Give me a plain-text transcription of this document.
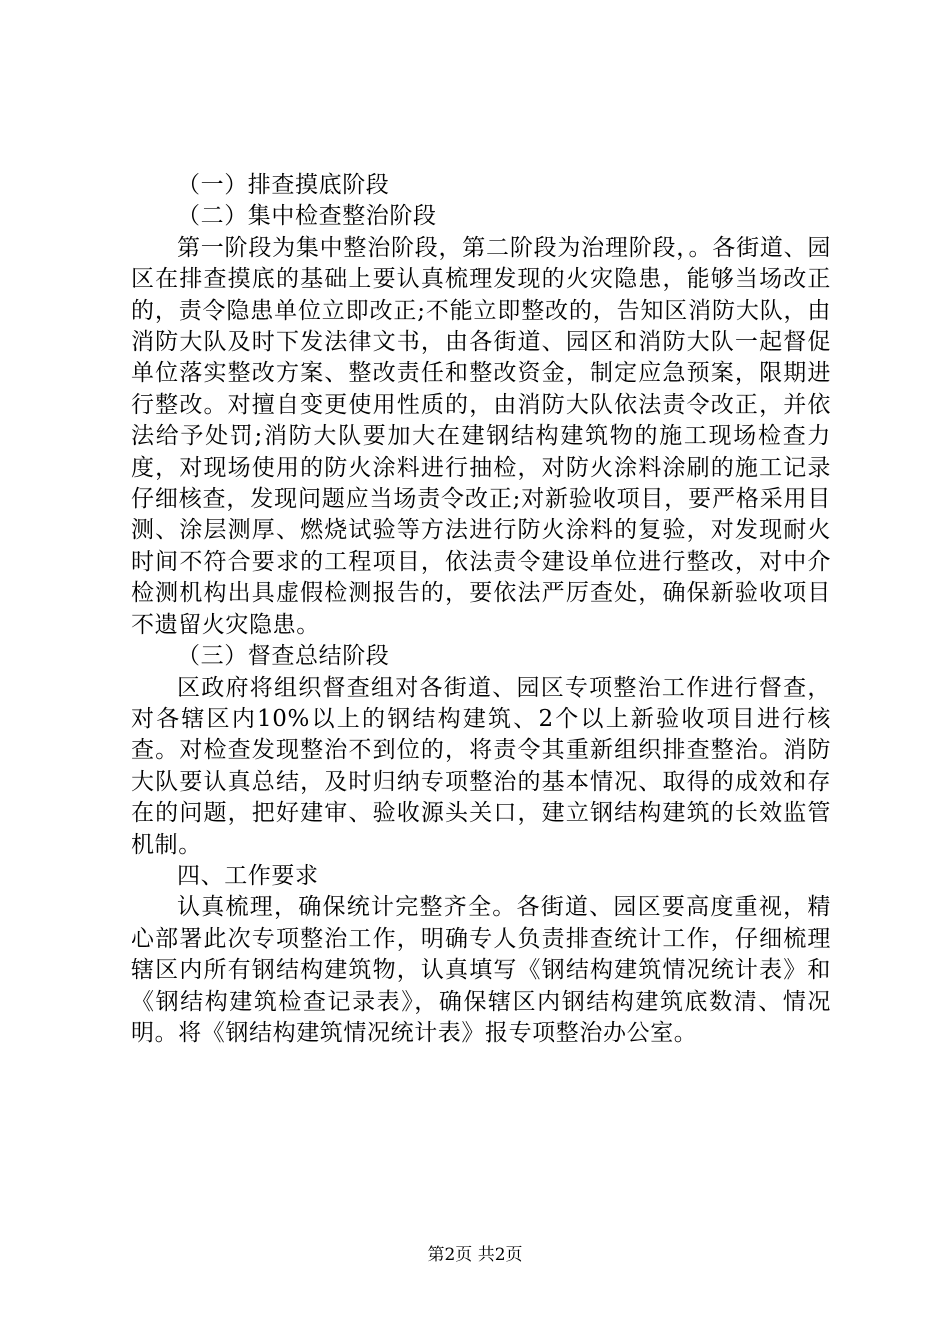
（一）排查摸底阶段

（二）集中检查整治阶段

第一阶段为集中整治阶段，第二阶段为治理阶段，。各街道、园区在排查摸底的基础上要认真梳理发现的火灾隐患，能够当场改正的，责令隐患单位立即改正;不能立即整改的，告知区消防大队，由消防大队及时下发法律文书，由各街道、园区和消防大队一起督促单位落实整改方案、整改责任和整改资金，制定应急预案，限期进行整改。对擅自变更使用性质的，由消防大队依法责令改正，并依法给予处罚;消防大队要加大在建钢结构建筑物的施工现场检查力度，对现场使用的防火涂料进行抽检，对防火涂料涂刷的施工记录仔细核查，发现问题应当场责令改正;对新验收项目，要严格采用目测、涂层测厚、燃烧试验等方法进行防火涂料的复验，对发现耐火时间不符合要求的工程项目，依法责令建设单位进行整改，对中介检测机构出具虚假检测报告的，要依法严厉查处，确保新验收项目不遗留火灾隐患。

（三）督查总结阶段

区政府将组织督查组对各街道、园区专项整治工作进行督查，对各辖区内10%以上的钢结构建筑、2个以上新验收项目进行核查。对检查发现整治不到位的，将责令其重新组织排查整治。消防大队要认真总结，及时归纳专项整治的基本情况、取得的成效和存在的问题，把好建审、验收源头关口，建立钢结构建筑的长效监管机制。

四、工作要求

认真梳理，确保统计完整齐全。各街道、园区要高度重视，精心部署此次专项整治工作，明确专人负责排查统计工作，仔细梳理辖区内所有钢结构建筑物，认真填写《钢结构建筑情况统计表》和《钢结构建筑检查记录表》，确保辖区内钢结构建筑底数清、情况明。将《钢结构建筑情况统计表》报专项整治办公室。

第2页 共2页
